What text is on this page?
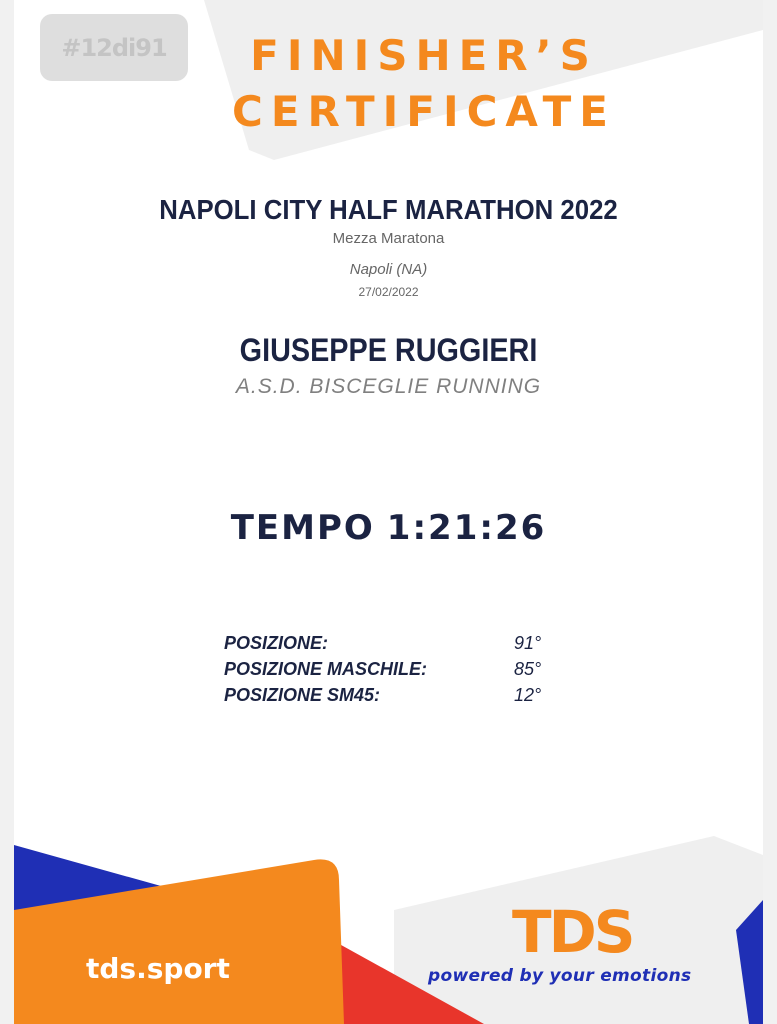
#12di91	FINISHER’S
CERTIFICATE
NAPOLI CITY HALF MARATHON 2022
Mezza Maratona
Napoli (NA)
27/02/2022
GIUSEPPE RUGGIERI
A.S.D. BISCEGLIE RUNNING
TEMPO 1:21:26
POSIZIONE:	91°
POSIZIONE MASCHILE:	85°
POSIZIONE SM45:	12°
tds.sport
TDS
powered by your emotions
